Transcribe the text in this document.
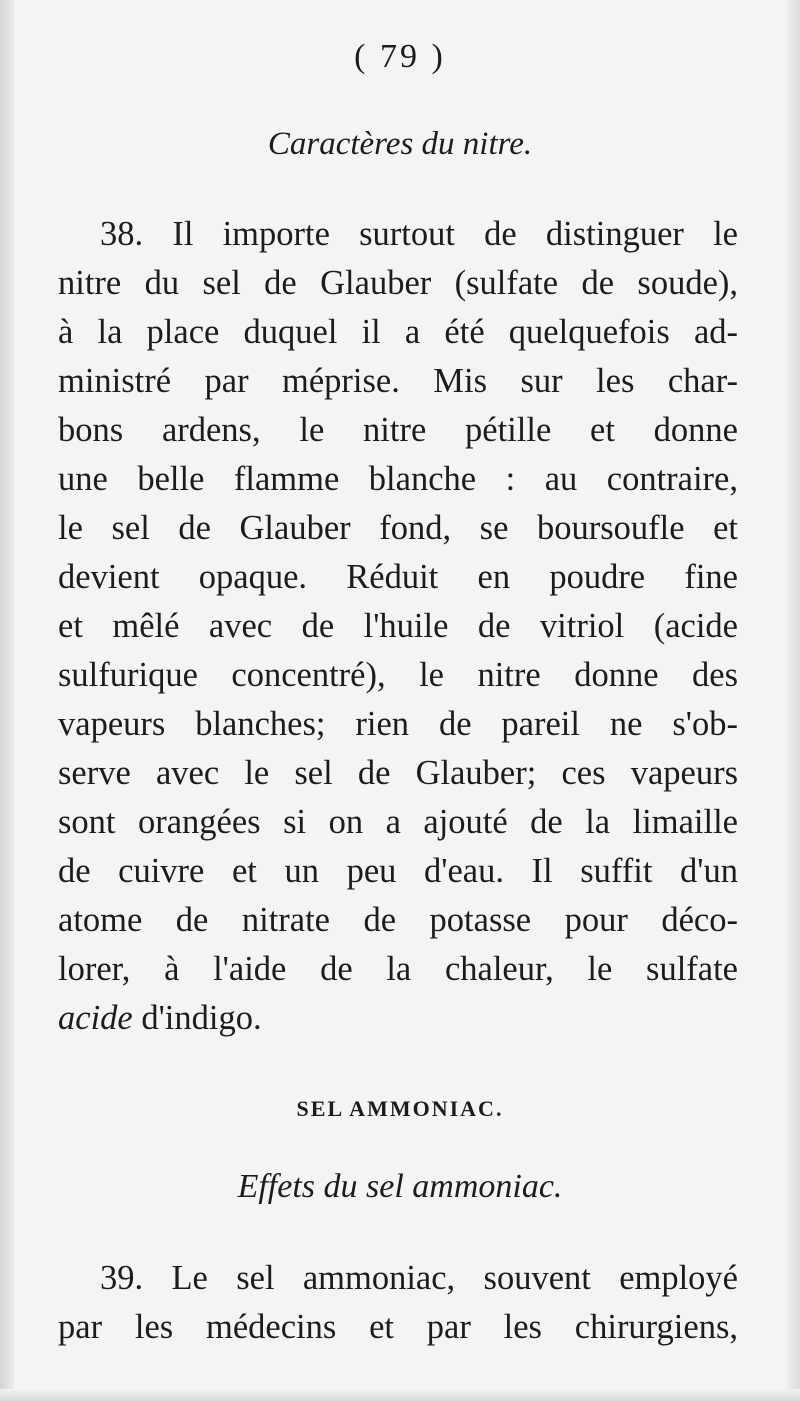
( 79 )
Caractères du nitre.
38. Il importe surtout de distinguer le
nitre du sel de Glauber (sulfate de soude),
à la place duquel il a été quelquefois ad-
ministré par méprise. Mis sur les char-
bons ardens, le nitre pétille et donne
une belle flamme blanche : au contraire,
le sel de Glauber fond, se boursoufle et
devient opaque. Réduit en poudre fine
et mêlé avec de l'huile de vitriol (acide
sulfurique concentré), le nitre donne des
vapeurs blanches; rien de pareil ne s'ob-
serve avec le sel de Glauber; ces vapeurs
sont orangées si on a ajouté de la limaille
de cuivre et un peu d'eau. Il suffit d'un
atome de nitrate de potasse pour déco-
lorer, à l'aide de la chaleur, le sulfate
acide d'indigo.
SEL AMMONIAC.
Effets du sel ammoniac.
39. Le sel ammoniac, souvent employé
par les médecins et par les chirurgiens,
